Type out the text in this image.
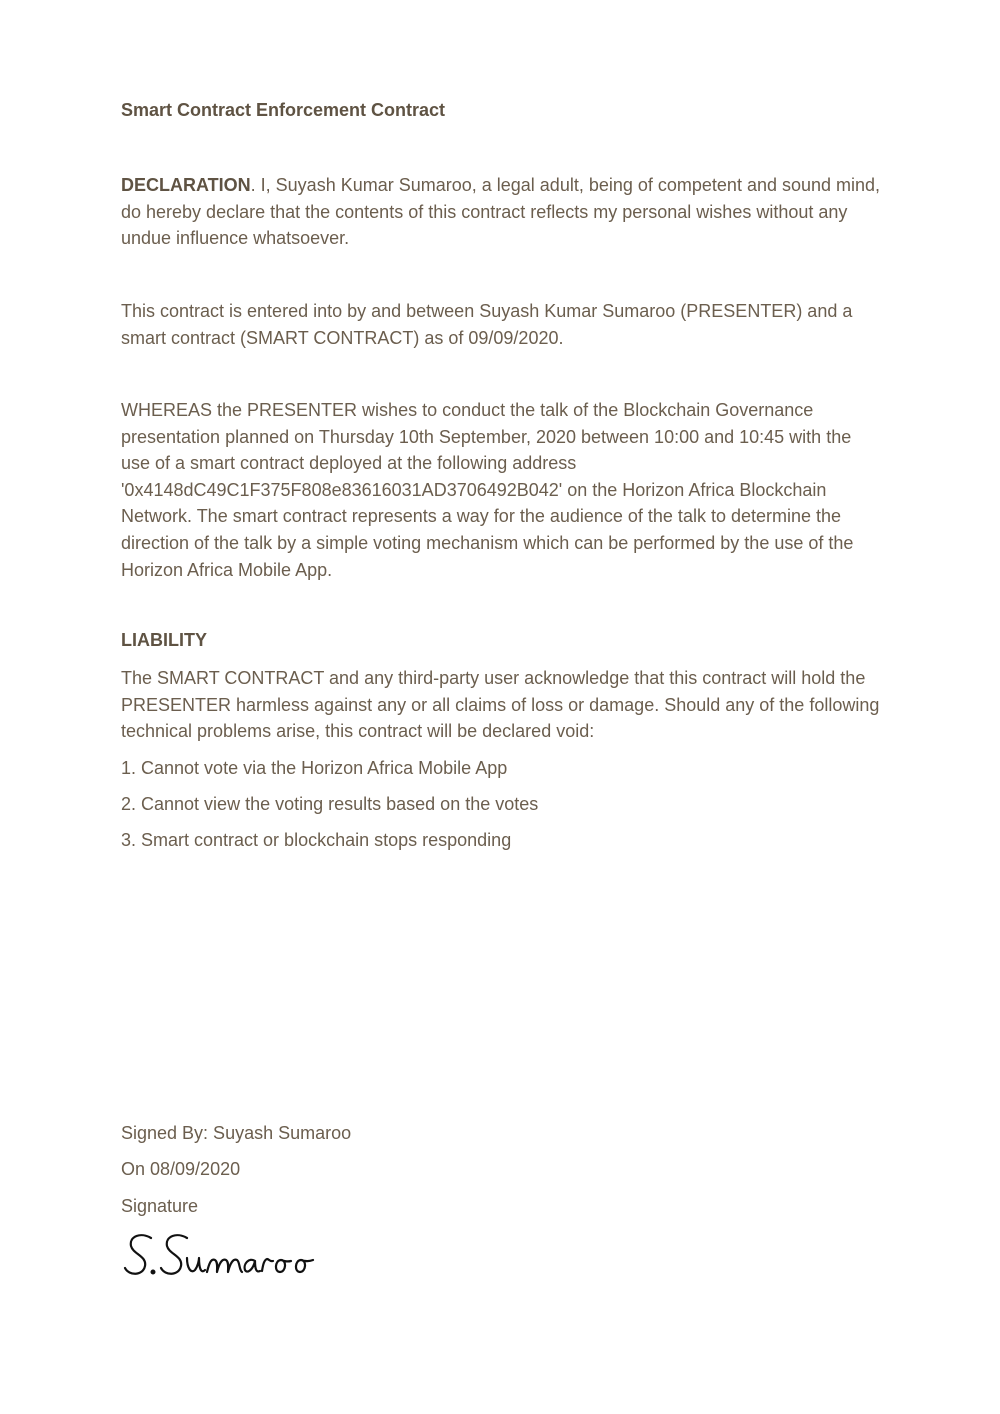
Smart Contract Enforcement Contract

DECLARATION. I, Suyash Kumar Sumaroo, a legal adult, being of competent and sound mind, do hereby declare that the contents of this contract reflects my personal wishes without any undue influence whatsoever.

This contract is entered into by and between Suyash Kumar Sumaroo (PRESENTER) and a smart contract (SMART CONTRACT) as of 09/09/2020.

WHEREAS the PRESENTER wishes to conduct the talk of the Blockchain Governance presentation planned on Thursday 10th September, 2020 between 10:00 and 10:45 with the use of a smart contract deployed at the following address '0x4148dC49C1F375F808e83616031AD3706492B042' on the Horizon Africa Blockchain Network. The smart contract represents a way for the audience of the talk to determine the direction of the talk by a simple voting mechanism which can be performed by the use of the Horizon Africa Mobile App.

LIABILITY

The SMART CONTRACT and any third-party user acknowledge that this contract will hold the PRESENTER harmless against any or all claims of loss or damage. Should any of the following technical problems arise, this contract will be declared void:

1. Cannot vote via the Horizon Africa Mobile App

2. Cannot view the voting results based on the votes

3. Smart contract or blockchain stops responding

Signed By: Suyash Sumaroo

On 08/09/2020

Signature
